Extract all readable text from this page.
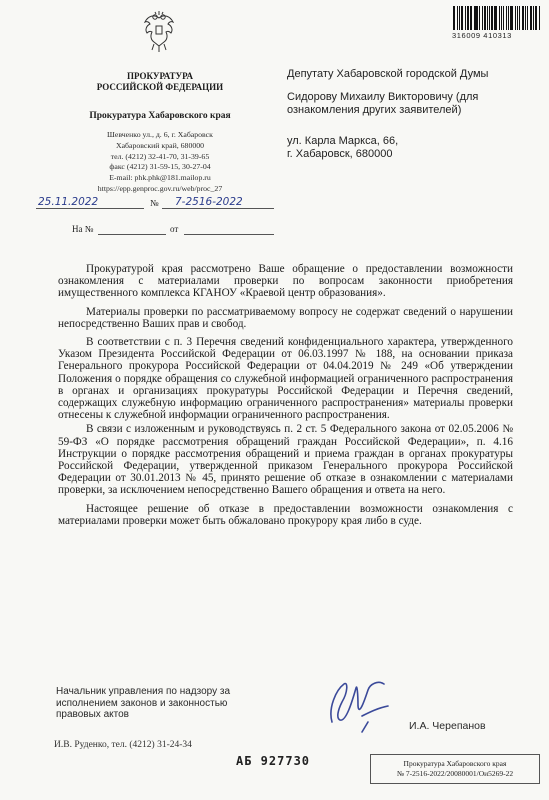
316009 410313
ПРОКУРАТУРА
РОССИЙСКОЙ ФЕДЕРАЦИИ
Прокуратура Хабаровского края
Шевченко ул., д. 6, г. Хабаровск
Хабаровский край, 680000
тел. (4212) 32-41-70, 31-39-65
факс (4212) 31-59-15, 30-27-04
E-mail: phk.phk@181.mailop.ru
https://epp.genproc.gov.ru/web/proc_27
25.11.2022	№ 7-2516-2022
На №	от
Депутату Хабаровской городской Думы
Сидорову Михаилу Викторовичу (для
ознакомления других заявителей)
ул. Карла Маркса, 66,
г. Хабаровск, 680000

Прокуратурой края рассмотрено Ваше обращение о предоставлении возможности ознакомления с материалами проверки по вопросам законности приобретения имущественного комплекса КГАНОУ «Краевой центр образования».

Материалы проверки по рассматриваемому вопросу не содержат сведений о нарушении непосредственно Ваших прав и свобод.

В соответствии с п. 3 Перечня сведений конфиденциального характера, утвержденного Указом Президента Российской Федерации от 06.03.1997 № 188, на основании приказа Генерального прокурора Российской Федерации от 04.04.2019 № 249 «Об утверждении Положения о порядке обращения со служебной информацией ограниченного распространения в органах и организациях прокуратуры Российской Федерации и Перечня сведений, содержащих служебную информацию ограниченного распространения» материалы проверки отнесены к служебной информации ограниченного распространения.

В связи с изложенным и руководствуясь п. 2 ст. 5 Федерального закона от 02.05.2006 № 59-ФЗ «О порядке рассмотрения обращений граждан Российской Федерации», п. 4.16 Инструкции о порядке рассмотрения обращений и приема граждан в органах прокуратуры Российской Федерации, утвержденной приказом Генерального прокурора Российской Федерации от 30.01.2013 № 45, принято решение об отказе в ознакомлении с материалами проверки, за исключением непосредственно Вашего обращения и ответа на него.

Настоящее решение об отказе в предоставлении возможности ознакомления с материалами проверки может быть обжаловано прокурору края либо в суде.

Начальник управления по надзору за
исполнением законов и законностью
правовых актов
И.А. Черепанов
И.В. Руденко, тел. (4212) 31-24-34
АБ 927730	Прокуратура Хабаровского края
№ 7-2516-2022/20080001/Ои5269-22
